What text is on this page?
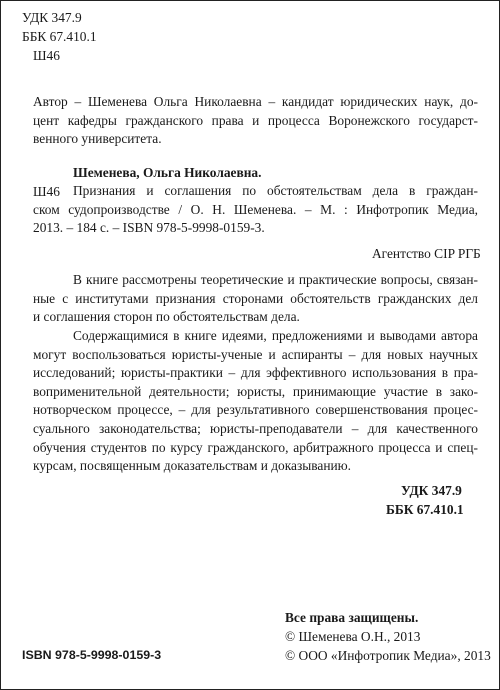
УДК 347.9
ББК 67.410.1
Ш46
Автор – Шеменева Ольга Николаевна – кандидат юридических наук, до-
цент кафедры гражданского права и процесса Воронежского государст-
венного университета.
Шеменева, Ольга Николаевна.
Ш46 Признания и соглашения по обстоятельствам дела в граждан-
ском судопроизводстве / О. Н. Шеменева. – М. : Инфотропик Медиа,
2013. – 184 с. – ISBN 978-5-9998-0159-3.
Агентство CIP РГБ
В книге рассмотрены теоретические и практические вопросы, связан-
ные с институтами признания сторонами обстоятельств гражданских дел
и соглашения сторон по обстоятельствам дела.
Содержащимися в книге идеями, предложениями и выводами автора
могут воспользоваться юристы-ученые и аспиранты – для новых научных
исследований; юристы-практики – для эффективного использования в пра-
воприменительной деятельности; юристы, принимающие участие в зако-
нотворческом процессе, – для результативного совершенствования процес-
суального законодательства; юристы-преподаватели – для качественного
обучения студентов по курсу гражданского, арбитражного процесса и спец-
курсам, посвященным доказательствам и доказыванию.
УДК 347.9
ББК 67.410.1
Все права защищены.
© Шеменева О.Н., 2013
ISBN 978-5-9998-0159-3	© ООО «Инфотропик Медиа», 2013
